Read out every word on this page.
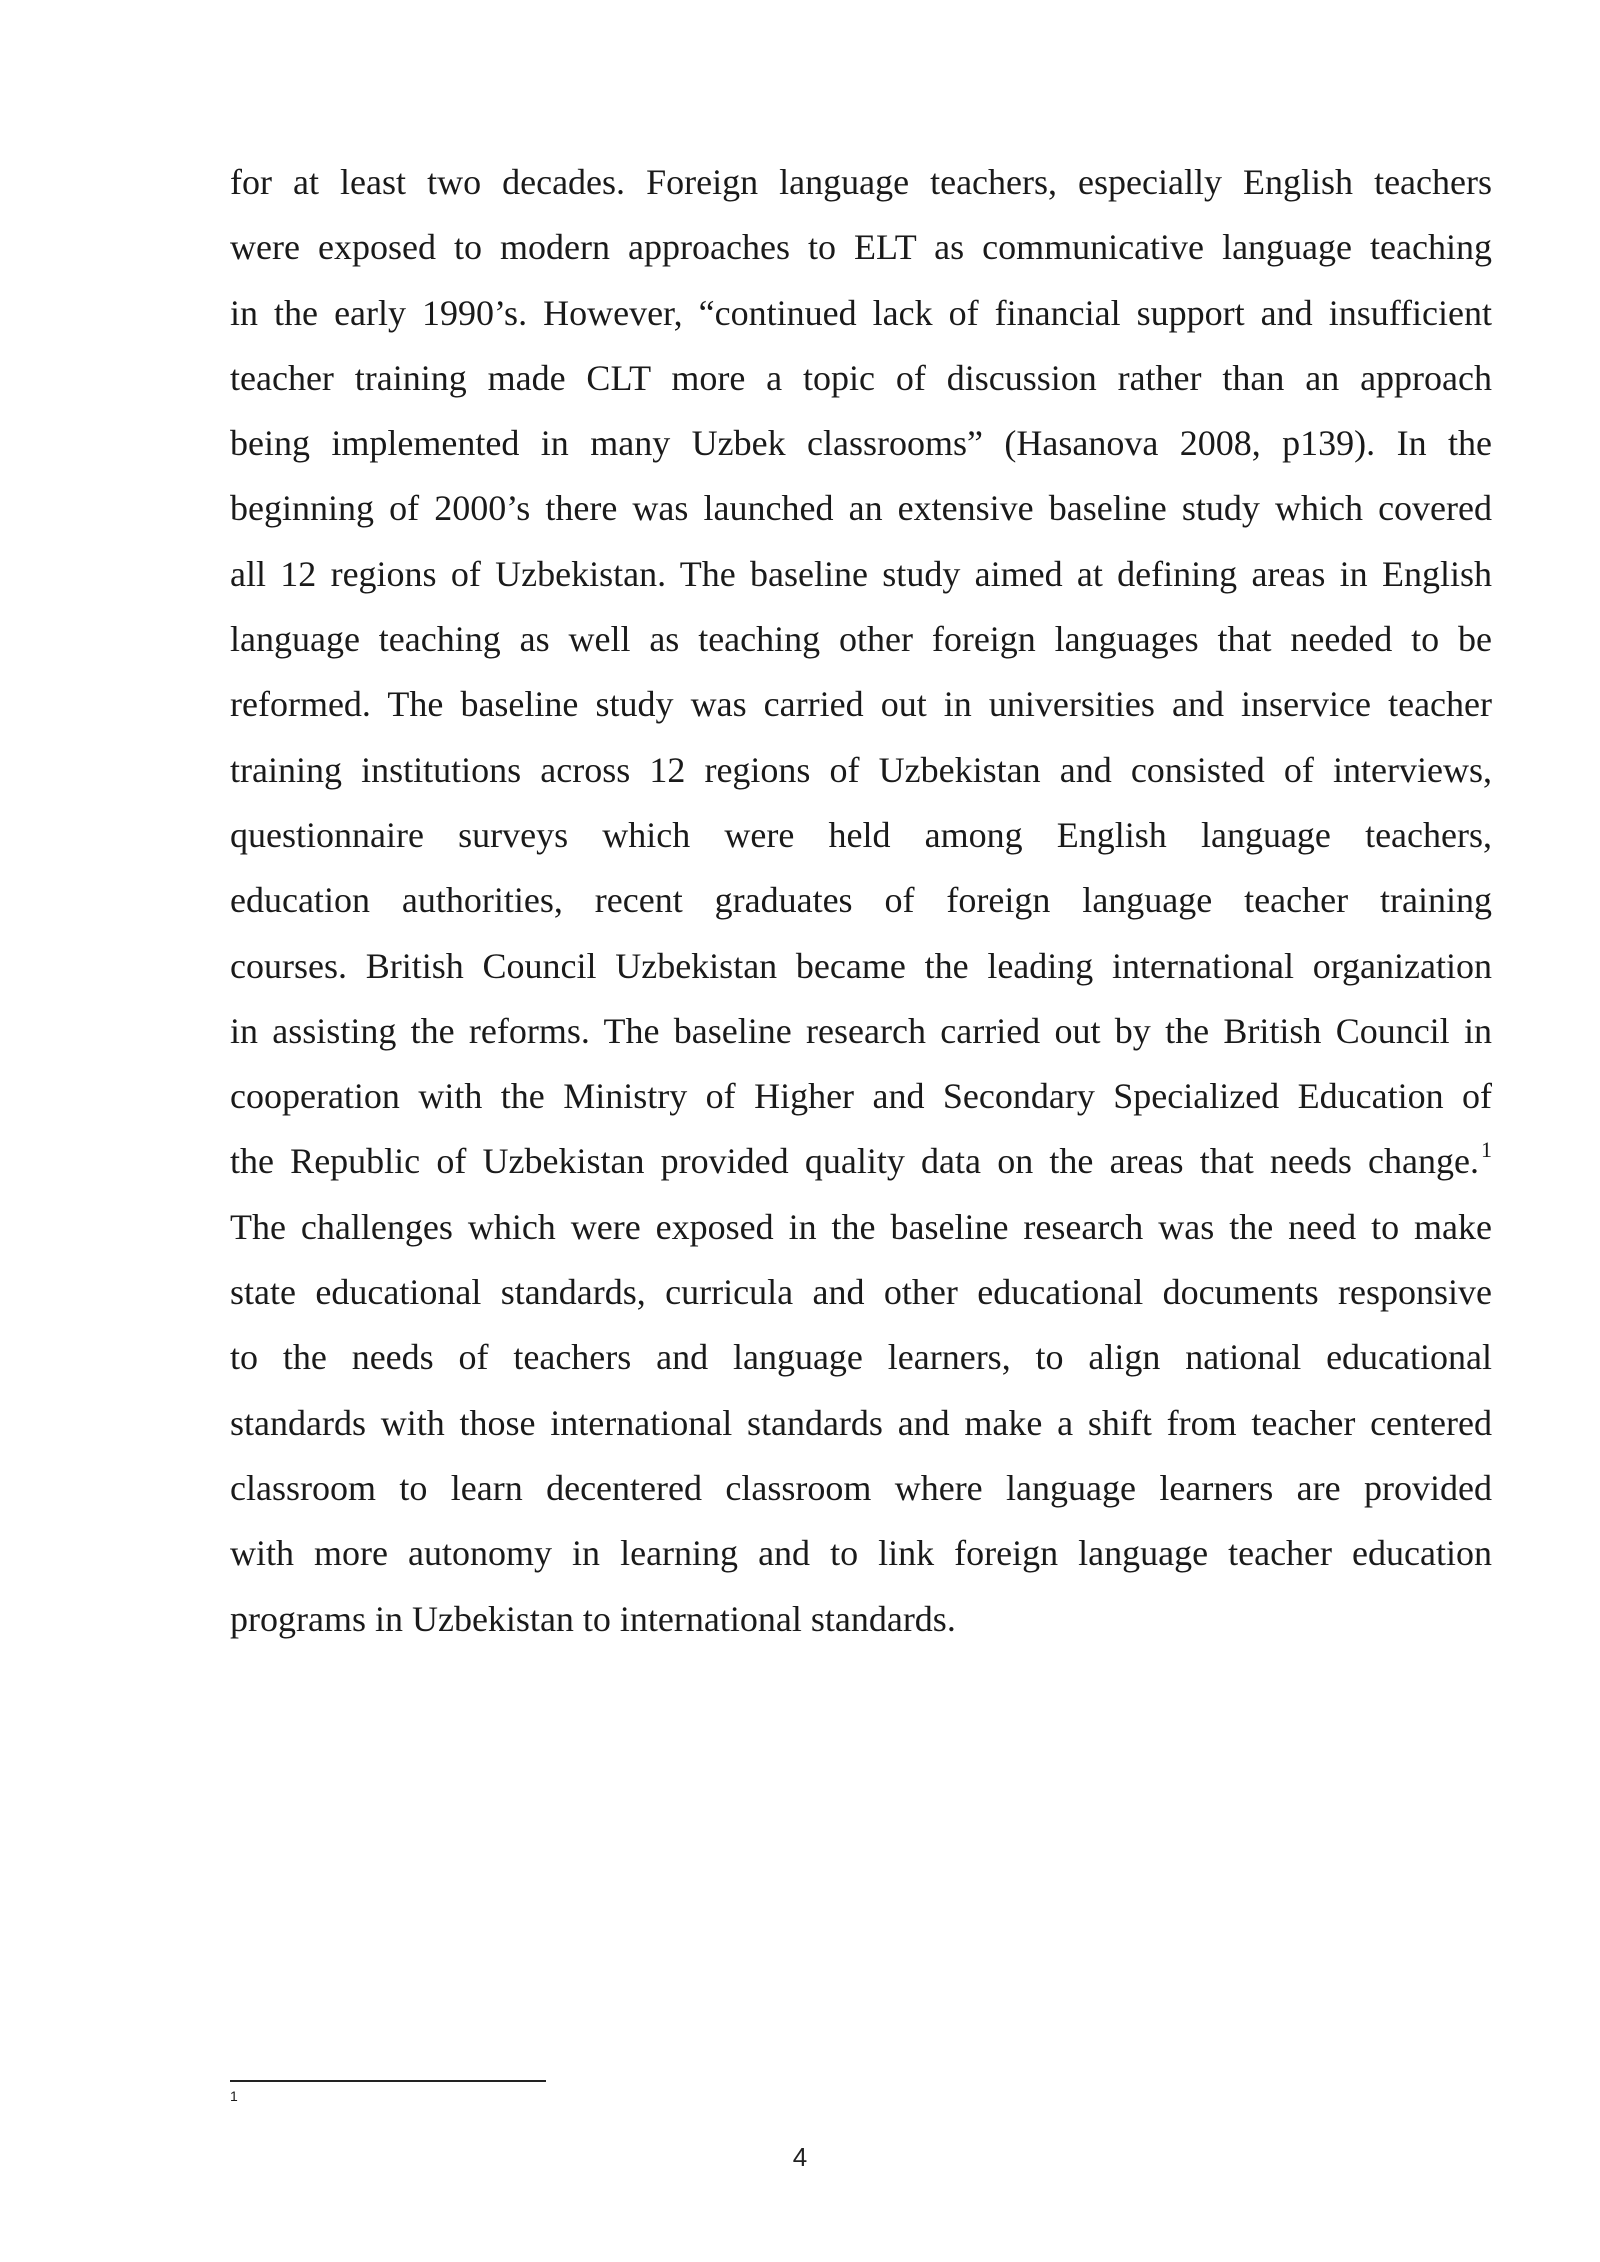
for at least two decades. Foreign language teachers, especially English teachers
were exposed to modern approaches to ELT as communicative language teaching
in the early 1990’s. However, “continued lack of financial support and insufficient
teacher training made CLT more a topic of discussion rather than an approach
being implemented in many Uzbek classrooms” (Hasanova 2008, p139). In the
beginning of 2000’s there was launched an extensive baseline study which covered
all 12 regions of Uzbekistan. The baseline study aimed at defining areas in English
language teaching as well as teaching other foreign languages that needed to be
reformed. The baseline study was carried out in universities and inservice teacher
training institutions across 12 regions of Uzbekistan and consisted of interviews,
questionnaire surveys which were held among English language teachers,
education authorities, recent graduates of foreign language teacher training
courses. British Council Uzbekistan became the leading international organization
in assisting the reforms. The baseline research carried out by the British Council in
cooperation with the Ministry of Higher and Secondary Specialized Education of
the Republic of Uzbekistan provided quality data on the areas that needs change.$^1$
The challenges which were exposed in the baseline research was the need to make
state educational standards, curricula and other educational documents responsive
to the needs of teachers and language learners, to align national educational
standards with those international standards and make a shift from teacher centered
classroom to learn decentered classroom where language learners are provided
with more autonomy in learning and to link foreign language teacher education
programs in Uzbekistan to international standards.
1
4
